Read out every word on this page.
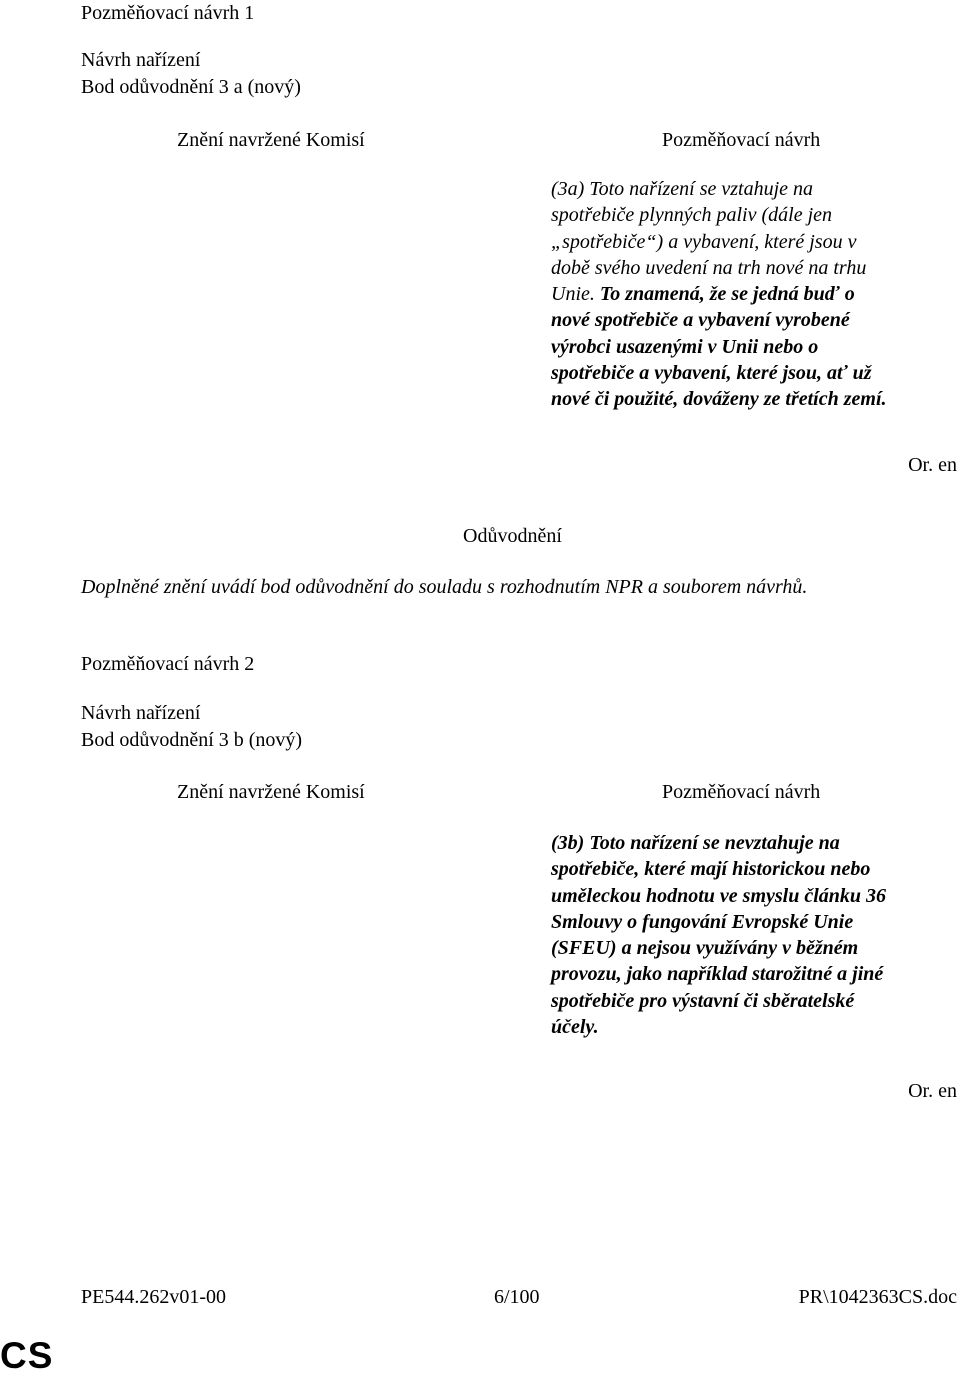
Pozměňovací návrh 1
Návrh nařízení
Bod odůvodnění 3 a (nový)
Znění navržené Komisí	Pozměňovací návrh
(3a) Toto nařízení se vztahuje na
spotřebiče plynných paliv (dále jen
„spotřebiče“) a vybavení, které jsou v
době svého uvedení na trh nové na trhu
Unie. To znamená, že se jedná buď o
nové spotřebiče a vybavení vyrobené
výrobci usazenými v Unii nebo o
spotřebiče a vybavení, které jsou, ať už
nové či použité, dováženy ze třetích zemí.
Or. en
Odůvodnění
Doplněné znění uvádí bod odůvodnění do souladu s rozhodnutím NPR a souborem návrhů.
Pozměňovací návrh 2
Návrh nařízení
Bod odůvodnění 3 b (nový)
Znění navržené Komisí	Pozměňovací návrh
(3b) Toto nařízení se nevztahuje na
spotřebiče, které mají historickou nebo
uměleckou hodnotu ve smyslu článku 36
Smlouvy o fungování Evropské Unie
(SFEU) a nejsou využívány v běžném
provozu, jako například starožitné a jiné
spotřebiče pro výstavní či sběratelské
účely.
Or. en
PE544.262v01-00	6/100	PR\1042363CS.doc
CS
